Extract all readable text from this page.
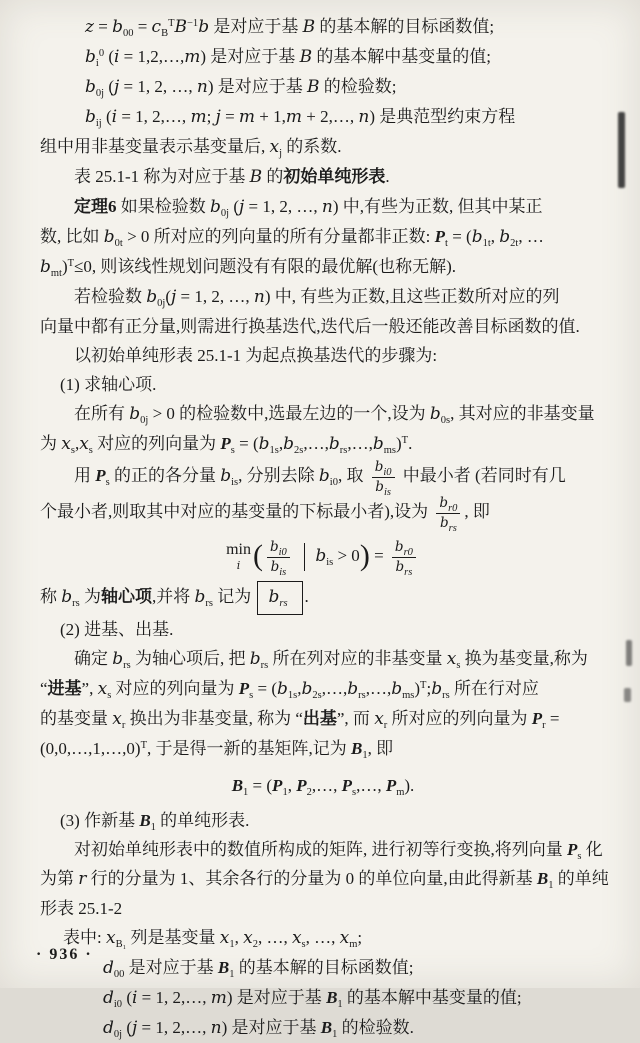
$z = b_{00} = c_B^TB^{-1}b$ 是对应于基 B 的基本解的目标函数值;
$b_i^0$ (i = 1,2,…,m) 是对应于基 B 的基本解中基变量的值;
$b_{0j}$ (j = 1, 2, …, n) 是对应于基 B 的检验数;
$b_{ij}$ (i = 1, 2,…, m; j = m + 1,m + 2,…, n) 是典范型约束方程
组中用非基变量表示基变量后, $x_j$ 的系数.
表 25.1-1 称为对应于基 B 的初始单纯形表.
定理6 如果检验数 $b_{0j}$ (j = 1, 2, …, n) 中,有些为正数, 但其中某正
数, 比如 $b_{0t} > 0$ 所对应的列向量的所有分量都非正数: $P_t = (b_{1t}$, $b_{2t}$, …
$b_{mt})^T\le 0$, 则该线性规划问题没有有限的最优解(也称无解).
若检验数 $b_{0j}(j = 1$, 2, …, n) 中, 有些为正数,且这些正数所对应的列
向量中都有正分量,则需进行换基迭代,迭代后一般还能改善目标函数的值.
以初始单纯形表 25.1-1 为起点换基迭代的步骤为:
(1) 求轴心项.
在所有 $b_{0j} > 0$ 的检验数中,选最左边的一个,设为 $b_{0s}$, 其对应的非基变量
为 $x_s,x_s$ 对应的列向量为 $P_s$ = $(b_{1s},b_{2s},\dots,b_{rs},\dots,b_{ms})^T$.
用 $P_s$ 的正的各分量 $b_{is}$, 分别去除 $b_{i0}$, 取 $b_{i0}$
$b_{is}$
中最小者 (若同时有几
个最小者,则取其中对应的基变量的下标最小者),设为 $b_{r0}$
$b_{rs}$
, 即
min
i ( $b_{i0}$
$b_{is}$
$b_{is} > 0) = b_{r0}$
$b_{rs}$
称 $b_{rs}$ 为轴心项,并将 $b_{rs}$ 记为 $b_{rs}$ .
(2) 进基、出基.
确定 $b_{rs}$ 为轴心项后, 把 $b_{rs}$ 所在列对应的非基变量 $x_s$ 换为基变量,称为
“进基”, $x_s$ 对应的列向量为 $P_s$ = $(b_{1s},b_{2s},\dots,b_{rs},\dots,b_{ms})^T;b_{rs}$ 所在行对应
的基变量 $x_r$ 换出为非基变量, 称为 “出基”, 而 $x_r$ 所对应的列向量为 $P_r$ =
(0,0,…,1,…,0)$^T$, 于是得一新的基矩阵,记为 $B_1$, 即
$B_1 = (P_1$, $P_2,\dots$, $P_s,\dots$, $P_m$).
(3) 作新基 $B_1$ 的单纯形表.
对初始单纯形表中的数值所构成的矩阵, 进行初等行变换,将列向量 $P_s$ 化
为第 r 行的分量为 1、其余各行的分量为 0 的单位向量,由此得新基 $B_1$ 的单纯
形表 25.1-2
表中: $x_{B_1}$ 列是基变量 $x_1$, $x_2$, …, $x_s$, …, $x_m$;
$d_{00}$ 是对应于基 $B_1$ 的基本解的目标函数值;
$d_{i0}$ (i = 1, 2,…, m) 是对应于基 $B_1$ 的基本解中基变量的值;
$d_{0j}$ (j = 1, 2,…, n) 是对应于基 $B_1$ 的检验数.
· 936 ·
